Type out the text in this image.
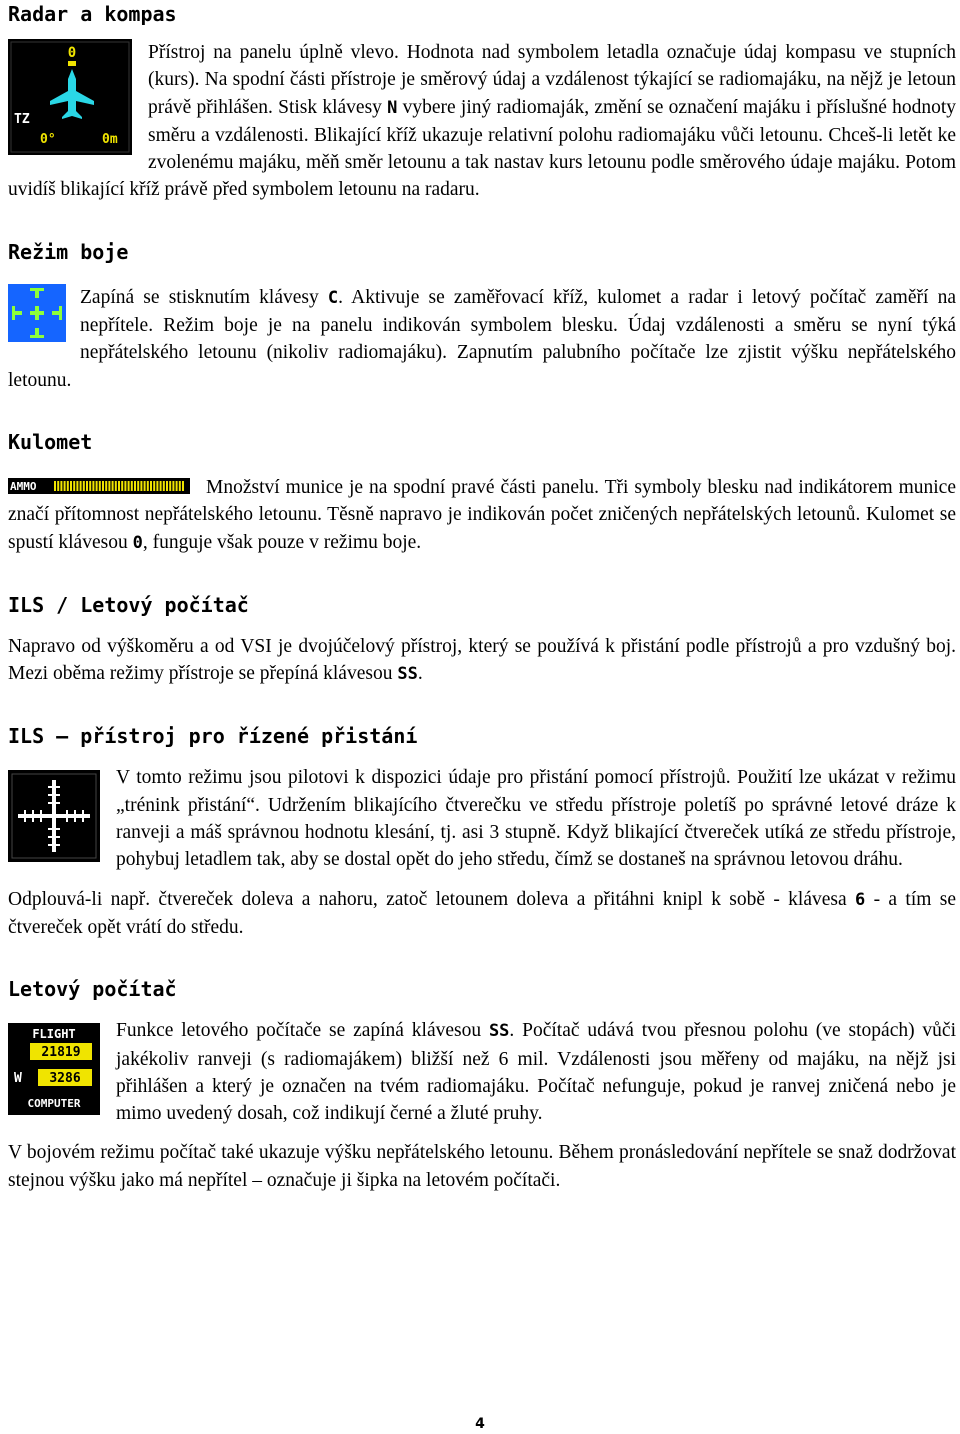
Radar a kompas
0
TZ
0°	0m

Přístroj na panelu úplně vlevo. Hodnota nad symbolem letadla označuje údaj kompasu ve stupních (kurs). Na spodní části přístroje je směrový údaj a vzdálenost týkající se radiomajáku, na nějž je letoun právě přihlášen. Stisk klávesy N vybere jiný radiomaják, změní se označení majáku i příslušné hodnoty směru a vzdálenosti. Blikající kříž ukazuje relativní polohu radiomajáku vůči letounu. Chceš-li letět ke zvolenému majáku, měň směr letounu a tak nastav kurs letounu podle směrového údaje majáku. Potom uvidíš blikající kříž právě před symbolem letounu na radaru.

Režim boje

Zapíná se stisknutím klávesy C. Aktivuje se zaměřovací kříž, kulomet a radar i letový počítač zaměří na nepřítele. Režim boje je na panelu indikován symbolem blesku. Údaj vzdálenosti a směru se nyní týká nepřátelského letounu (nikoliv radiomajáku). Zapnutím palubního počítače lze zjistit výšku nepřátelského letounu.

Kulomet
AMMO	Množství munice je na spodní pravé části panelu. Tři symboly blesku nad indikátorem munice značí přítomnost nepřátelského letounu. Těsně napravo je indikován počet zničených nepřátelských letounů. Kulomet se spustí klávesou 0, funguje však pouze v režimu boje.

ILS / Letový počítač

Napravo od výškoměru a od VSI je dvojúčelový přístroj, který se používá k přistání podle přístrojů a pro vzdušný boj. Mezi oběma režimy přístroje se přepíná klávesou SS.

ILS – přístroj pro řízené přistání

V tomto režimu jsou pilotovi k dispozici údaje pro přistání pomocí přístrojů. Použití lze ukázat v režimu „trénink přistání“. Udržením blikajícího čtverečku ve středu přístroje poletíš po správné letové dráze k ranveji a máš správnou hodnotu klesání, tj. asi 3 stupně. Když blikající čtvereček utíká ze středu přístroje, pohybuj letadlem tak, aby se dostal opět do jeho středu, čímž se dostaneš na správnou letovou dráhu.

Odplouvá-li např. čtvereček doleva a nahoru, zatoč letounem doleva a přitáhni knipl k sobě - klávesa 6 - a tím se čtvereček opět vrátí do středu.

Letový počítač
FLIGHT
21819
W 3286
COMPUTER

Funkce letového počítače se zapíná klávesou SS. Počítač udává tvou přesnou polohu (ve stopách) vůči jakékoliv ranveji (s radiomajákem) bližší než 6 mil. Vzdálenosti jsou měřeny od majáku, na nějž jsi přihlášen a který je označen na tvém radiomajáku. Počítač nefunguje, pokud je ranvej zničená nebo je mimo uvedený dosah, což indikují černé a žluté pruhy.

V bojovém režimu počítač také ukazuje výšku nepřátelského letounu. Během pronásledování nepřítele se snaž dodržovat stejnou výšku jako má nepřítel – označuje ji šipka na letovém počítači.

4
